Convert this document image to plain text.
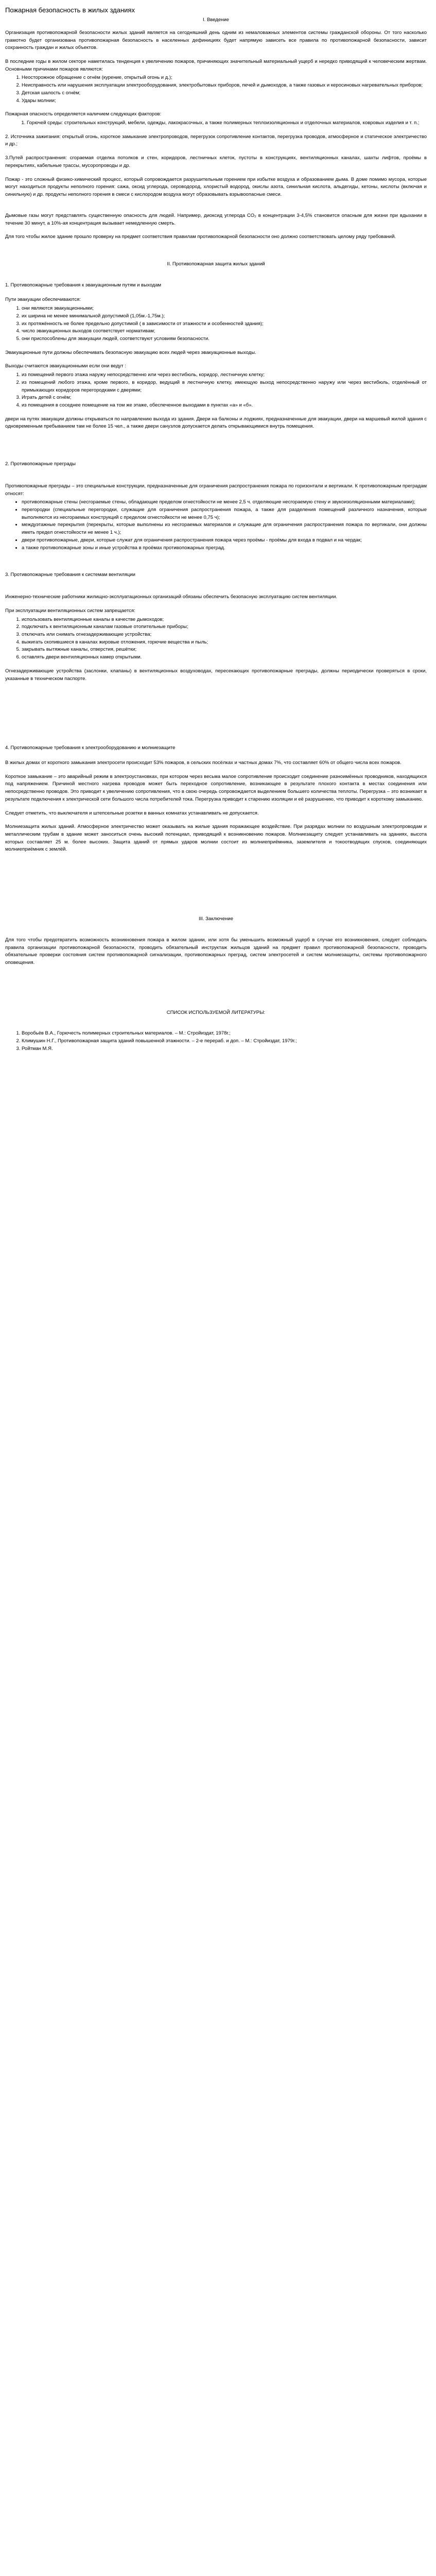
Пожарная безопасность в жилых зданиях
I. Введение

Организация противопожарной безопасности жилых зданий является на сегодняшний день одним из немаловажных элементов системы гражданской обороны. От того насколько грамотно будет организована противопожарная безопасность в населенных дефинициях будет напрямую зависеть все правила по противопожарной безопасности, зависит сохранность граждан и жилых объектов.

В последние годы в жилом секторе наметилась тенденция к увеличению пожаров, причиняющих значительный материальный ущерб и нередко приводящий к человеческим жертвам. Основными причинами пожаров являются:

1. Неосторожное обращение с огнём (курение, открытый огонь и д.);
2. Неисправность или нарушения эксплуатации электрооборудования, электробытовых приборов, печей и дымоходов, а также газовых и керосиновых нагревательных приборов;
3. Детская шалость с огнём;
4. Удары молнии;

Пожарная опасность определяется наличием следующих факторов:

1. Горючей среды: строительных конструкций, мебели, одежды, лакокрасочных, а также полимерных теплоизоляционных и отделочных материалов, ковровых изделия и т. п.;

2. Источника зажигания: открытый огонь, короткое замыкание электропроводов, перегрузок сопротивление контактов, перегрузка проводов, атмосферное и статическое электричество и др.;

3.Путей распространения: сгораемая отделка потолков и стен, коридоров, лестничных клеток, пустоты в конструкциях, вентиляционных каналах, шахты лифтов, проёмы в перекрытиях, кабельные трассы, мусоропроводы и др.

Пожар - это сложный физико-химический процесс, который сопровождается разрушительным горением при избытке воздуха и образованием дыма. В доме помимо мусора, которые могут находиться продукты неполного горения: сажа, оксид углерода, сероводород, хлористый водород, окислы азота, синильная кислота, альдегиды, кетоны, кислоты (включая и синильную) и др. продукты неполного горения в смеси с кислородом воздуха могут образовывать взрывоопасные смеси.

Дымовые газы могут представлять существенную опасность для людей. Например, диоксид углерода CO₂ в концентрации 3-4,5% становится опасным для жизни при вдыхании в течение 30 минут, а 10%-ая концентрация вызывает немедленную смерть.

Для того чтобы жилое здание прошло проверку на предмет соответствия правилам противопожарной безопасности оно должно соответствовать целому ряду требований.

II. Противопожарная защита жилых зданий
1. Противопожарные требования к эвакуационным путям и выходам

Пути эвакуации обеспечиваются:

1. они являются эвакуационными;
2. их ширина не менее минимальной допустимой (1,05м.-1,75м.);
3. их протяжённость не более предельно допустимой ( в зависимости от этажности и особенностей здания);
4. число эвакуационных выходов соответствует нормативам;
5. они приспособлены для эвакуации людей, соответствуют условиям безопасности.

Эвакуационные пути должны обеспечивать безопасную эвакуацию всех людей через эвакуационные выходы.

Выходы считаются эвакуационными если они ведут :

1. из помещений первого этажа наружу непосредственно или через вестибюль, коридор, лестничную клетку;
2. из помещений любого этажа, кроме первого, в коридор, ведущий в лестничную клетку, имеющую выход непосредственно наружу или через вестибюль, отделённый от примыкающих коридоров перегородками с дверями;
3. Играть детей с огнём;
4. из помещения в соседнее помещение на том же этаже, обеспеченное выходами в пунктах «а» и «б».

двери на путях эвакуации должны открываться по направлению выхода из здания. Двери на балконы и лоджиях, предназначенные для эвакуации, двери на маршевый жилой здания с одновременным пребыванием там не более 15 чел., а также двери санузлов допускается делать открывающимися внутрь помещения.

2. Противопожарные преграды

Противопожарные преграды – это специальные конструкции, предназначенные для ограничения распространения пожара по горизонтали и вертикали. К противопожарным преградам относят:

• противопожарные стены (несгораемые стены, обладающие пределом огнестойкости не менее 2,5 ч. отделяющие несгораемую стену и звукоизоляционными материалами);
• перегородки (специальные перегородки, служащие для ограничения распространения пожара, а также для разделения помещений различного назначения, которые выполняются из несгораемых конструкций с пределом огнестойкости не менее 0,75 ч);
• междуэтажные перекрытия (перекрыты, которые выполнены из несгораемых материалов и служащие для ограничения распространения пожара по вертикали, они должны иметь предел огнестойкости не менее 1 ч.);
• двери противопожарные, двери, которые служат для ограничения распространения пожара через проёмы - проёмы для входа в подвал и на чердак;
• а также противопожарные зоны и иные устройства в проёмах противопожарных преград.
3. Противопожарные требования к системам вентиляции

Инженерно-технические работники жилищно-эксплуатационных организаций обязаны обеспечить безопасную эксплуатацию систем вентиляции.

При эксплуатации вентиляционных систем запрещается:

1. использовать вентиляционные каналы в качестве дымоходов;
2. подключать к вентиляционным каналам газовые отопительные приборы;
3. отключать или снимать огнезадерживающие устройства;
4. выжигать скопившиеся в каналах жировые отложения, горючие вещества и пыль;
5. закрывать вытяжные каналы, отверстия, решётки;
6. оставлять двери вентиляционных камер открытыми.

Огнезадерживающие устройства (заслонки, клапаны) в вентиляционных воздуховодах, пересекающих противопожарные преграды, должны периодически проверяться в сроки, указанные в техническом паспорте.

4. Противопожарные требования к электрооборудованию и молниезащите

В жилых домах от короткого замыкания электросети происходит 53% пожаров, в сельских посёлках и частных домах 7%, что составляет 60% от общего числа всех пожаров.

Короткое замыкание – это аварийный режим в электроустановках, при котором через весьма малое сопротивление происходит соединение разноимённых проводников, находящихся под напряжением. Причиной местного нагрева проводов может быть переходное сопротивление, возникающее в результате плохого контакта в местах соединения или непосредственно проводов. Это приводит к увеличению сопротивления, что в свою очередь сопровождается выделением большего количества теплоты. Перегрузка – это возникает в результате подключения к электрической сети большого числа потребителей тока. Перегрузка приводит к старению изоляции и её разрушению, что приводит к короткому замыканию.

Следует отметить, что выключателя и штепсельные розетки в ванных комнатах устанавливать не допускается.

Молниезащита жилых зданий. Атмосферное электричество может оказывать на жилые здания поражающее воздействие. При разрядах молнии по воздушным электропроводам и металлическим трубам в здание может заноситься очень высокий потенциал, приводящий к возникновению пожаров. Молниезащиту следует устанавливать на зданиях, высота которых составляет 25 м. более высоких. Защита зданий от прямых ударов молнии состоит из молниеприёмника, заземлителя и токоотводящих спусков, соединяющих молниеприёмник с землёй.

III. Заключение

Для того чтобы предотвратить возможность возникновения пожара в жилом здании, или хотя бы уменьшить возможный ущерб в случае его возникновения, следует соблюдать правила организации противопожарной безопасности, проводить обязательный инструктаж жильцов зданий на предмет правил противопожарной безопасности, проводить обязательные проверки состояния систем противопожарной сигнализации, противопожарных преград, систем электросетей и систем молниезащиты, системы противопожарного оповещения.

СПИСОК ИСПОЛЬЗУЕМОЙ ЛИТЕРАТУРЫ:
1. Воробьёв В.А., Горючесть полимерных строительных материалов. – М.: Стройиздат, 1978г.;
2. Климушин Н.Г., Противопожарная защита зданий повышенной этажности. – 2-е перераб. и доп. – М.: Стройиздат, 1979г.;
3. Ройтман М.Я.
